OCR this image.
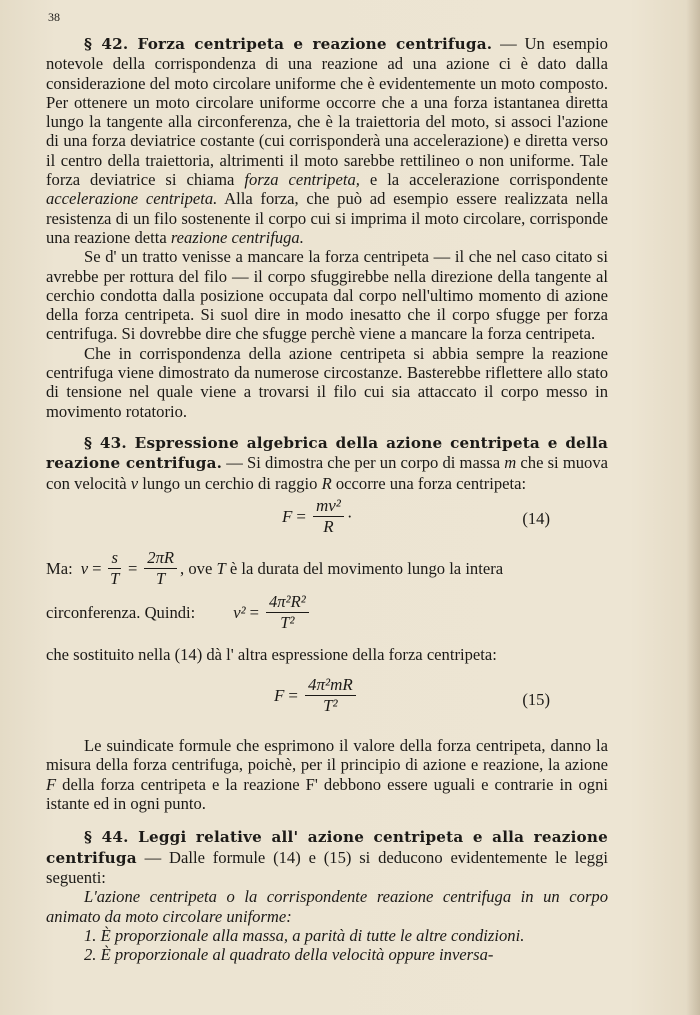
38

§ 42. Forza centripeta e reazione centrifuga. — Un esempio notevole della corrispondenza di una reazione ad una azione ci è dato dalla considerazione del moto circolare uniforme che è evidentemente un moto composto. Per ottenere un moto circolare uniforme occorre che a una forza istantanea diretta lungo la tangente alla circonferenza, che è la traiettoria del moto, si associ l'azione di una forza deviatrice costante (cui corrisponderà una accelerazione) e diretta verso il centro della traiettoria, altrimenti il moto sarebbe rettilineo o non uniforme. Tale forza deviatrice si chiama forza centripeta, e la accelerazione corrispondente accelerazione centripeta. Alla forza, che può ad esempio essere realizzata nella resistenza di un filo sostenente il corpo cui si imprima il moto circolare, corrisponde una reazione detta reazione centrifuga.

Se d' un tratto venisse a mancare la forza centripeta — il che nel caso citato si avrebbe per rottura del filo — il corpo sfuggirebbe nella direzione della tangente al cerchio condotta dalla posizione occupata dal corpo nell'ultimo momento di azione della forza centripeta. Si suol dire in modo inesatto che il corpo sfugge per forza centrifuga. Si dovrebbe dire che sfugge perchè viene a mancare la forza centripeta.

Che in corrispondenza della azione centripeta si abbia sempre la reazione centrifuga viene dimostrato da numerose circostanze. Basterebbe riflettere allo stato di tensione nel quale viene a trovarsi il filo cui sia attaccato il corpo messo in movimento rotatorio.

§ 43. Espressione algebrica della azione centripeta e della reazione centrifuga. — Si dimostra che per un corpo di massa m che si muova con velocità v lungo un cerchio di raggio R occorre una forza centripeta:

$F = \frac{\text{mv²}}{R}$ ·	(14)
Ma: $v = \frac{s}{T} = \frac{2\pi R}{T}$ , ove T è la durata del movimento lungo la intera
circonferenza. Quindi: $v^2 = \frac{\text{4π²R²}}{\text{T²}}$

che sostituito nella (14) dà l' altra espressione della forza centripeta:

$F = \frac{\text{4π²mR}}{\text{T²}}$	(15)

Le suindicate formule che esprimono il valore della forza centripeta, danno la misura della forza centrifuga, poichè, per il principio di azione e reazione, la azione F della forza centripeta e la reazione F' debbono essere uguali e contrarie in ogni istante ed in ogni punto.

§ 44. Leggi relative all' azione centripeta e alla reazione centrifuga — Dalle formule (14) e (15) si deducono evidentemente le leggi seguenti:

L'azione centripeta o la corrispondente reazione centrifuga in un corpo animato da moto circolare uniforme:

1. È proporzionale alla massa, a parità di tutte le altre condizioni.

2. È proporzionale al quadrato della velocità oppure inversa-
